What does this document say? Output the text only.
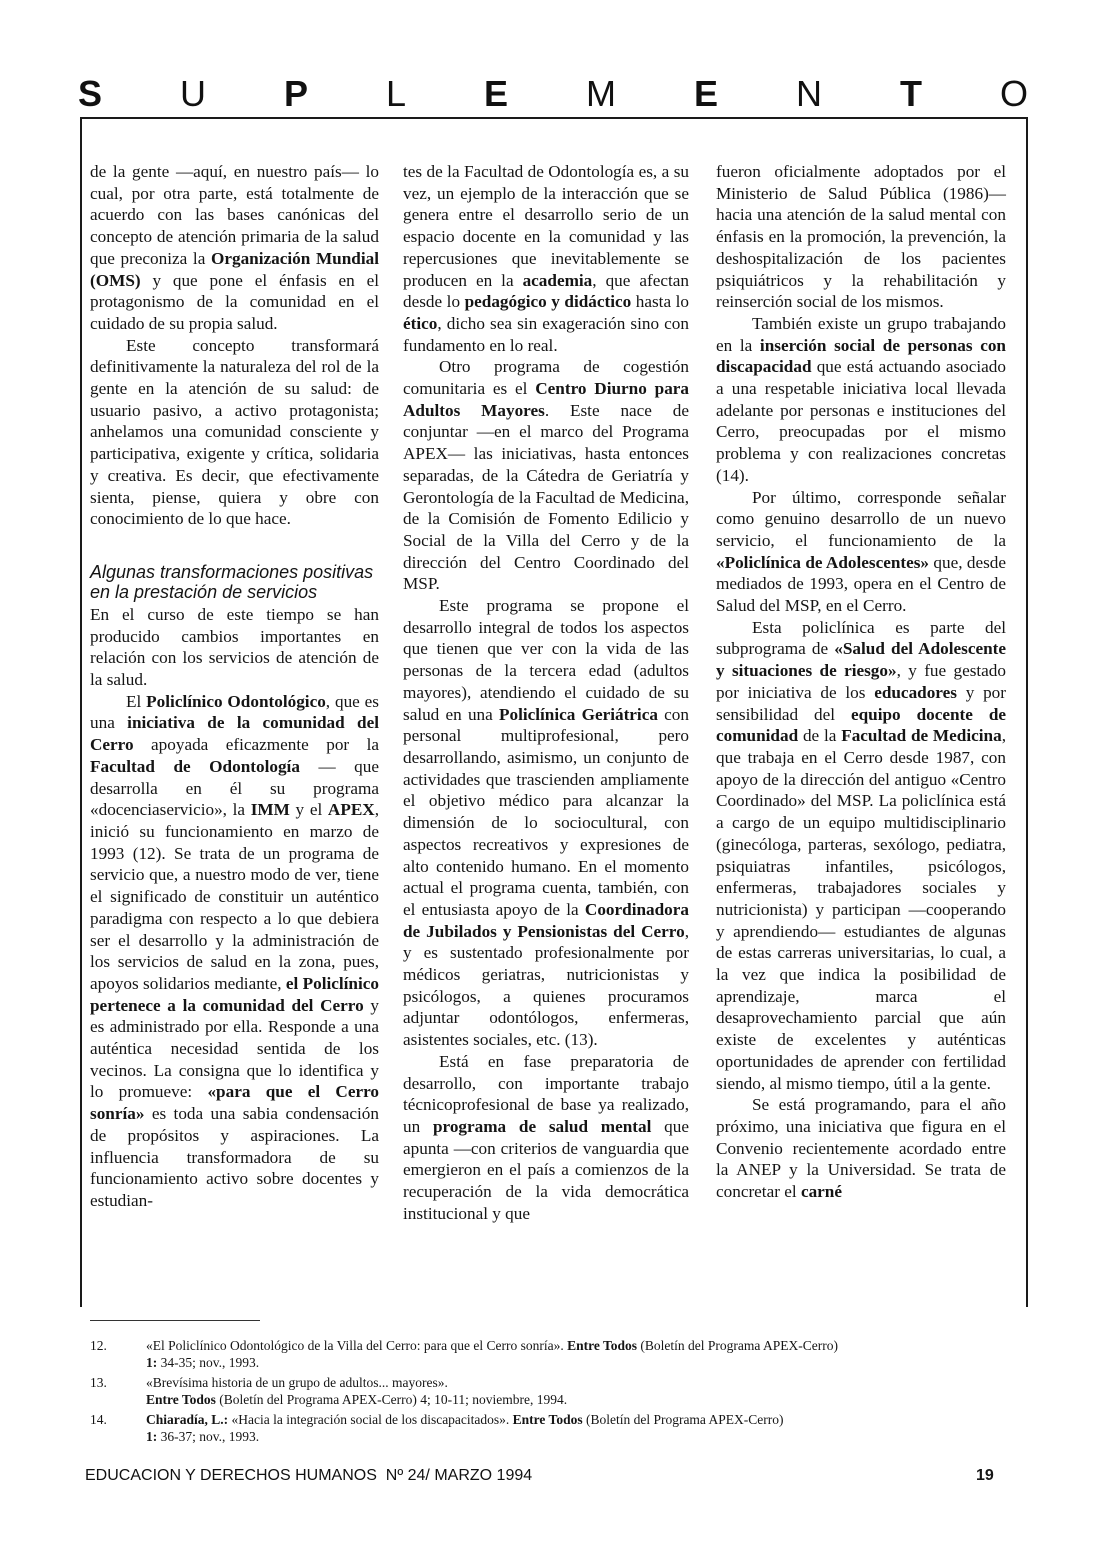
S U P L E M E N T O

de la gente —aquí, en nuestro país— lo cual, por otra parte, está totalmente de acuerdo con las bases canónicas del concepto de atención primaria de la salud que preconiza la Organización Mundial (OMS) y que pone el énfasis en el protagonismo de la comunidad en el cuidado de su propia salud.

Este concepto transformará definitivamente la naturaleza del rol de la gente en la atención de su salud: de usuario pasivo, a activo protagonista; anhelamos una comunidad consciente y participativa, exigente y crítica, solidaria y creativa. Es decir, que efectivamente sienta, piense, quiera y obre con conocimiento de lo que hace.

Algunas transformaciones positivas en la prestación de servicios

En el curso de este tiempo se han producido cambios importantes en relación con los servicios de atención de la salud.

El Policlínico Odontológico, que es una iniciativa de la comunidad del Cerro apoyada eficazmente por la Facultad de Odontología — que desarrolla en él su programa «docenciaservicio», la IMM y el APEX, inició su funcionamiento en marzo de 1993 (12). Se trata de un programa de servicio que, a nuestro modo de ver, tiene el significado de constituir un auténtico paradigma con respecto a lo que debiera ser el desarrollo y la administración de los servicios de salud en la zona, pues, apoyos solidarios mediante, el Policlínico pertenece a la comunidad del Cerro y es administrado por ella. Responde a una auténtica necesidad sentida de los vecinos. La consigna que lo identifica y lo promueve: «para que el Cerro sonría» es toda una sabia condensación de propósitos y aspiraciones. La influencia transformadora de su funcionamiento activo sobre docentes y estudian-

tes de la Facultad de Odontología es, a su vez, un ejemplo de la interacción que se genera entre el desarrollo serio de un espacio docente en la comunidad y las repercusiones que inevitablemente se producen en la academia, que afectan desde lo pedagógico y didáctico hasta lo ético, dicho sea sin exageración sino con fundamento en lo real.

Otro programa de cogestión comunitaria es el Centro Diurno para Adultos Mayores. Este nace de conjuntar —en el marco del Programa APEX— las iniciativas, hasta entonces separadas, de la Cátedra de Geriatría y Gerontología de la Facultad de Medicina, de la Comisión de Fomento Edilicio y Social de la Villa del Cerro y de la dirección del Centro Coordinado del MSP.

Este programa se propone el desarrollo integral de todos los aspectos que tienen que ver con la vida de las personas de la tercera edad (adultos mayores), atendiendo el cuidado de su salud en una Policlínica Geriátrica con personal multiprofesional, pero desarrollando, asimismo, un conjunto de actividades que trascienden ampliamente el objetivo médico para alcanzar la dimensión de lo sociocultural, con aspectos recreativos y expresiones de alto contenido humano. En el momento actual el programa cuenta, también, con el entusiasta apoyo de la Coordinadora de Jubilados y Pensionistas del Cerro, y es sustentado profesionalmente por médicos geriatras, nutricionistas y psicólogos, a quienes procuramos adjuntar odontólogos, enfermeras, asistentes sociales, etc. (13).

Está en fase preparatoria de desarrollo, con importante trabajo técnicoprofesional de base ya realizado, un programa de salud mental que apunta —con criterios de vanguardia que emergieron en el país a comienzos de la recuperación de la vida democrática institucional y que

fueron oficialmente adoptados por el Ministerio de Salud Pública (1986)— hacia una atención de la salud mental con énfasis en la promoción, la prevención, la deshospitalización de los pacientes psiquiátricos y la rehabilitación y reinserción social de los mismos.

También existe un grupo trabajando en la inserción social de personas con discapacidad que está actuando asociado a una respetable iniciativa local llevada adelante por personas e instituciones del Cerro, preocupadas por el mismo problema y con realizaciones concretas (14).

Por último, corresponde señalar como genuino desarrollo de un nuevo servicio, el funcionamiento de la «Policlínica de Adolescentes» que, desde mediados de 1993, opera en el Centro de Salud del MSP, en el Cerro.

Esta policlínica es parte del subprograma de «Salud del Adolescente y situaciones de riesgo», y fue gestado por iniciativa de los educadores y por sensibilidad del equipo docente de comunidad de la Facultad de Medicina, que trabaja en el Cerro desde 1987, con apoyo de la dirección del antiguo «Centro Coordinado» del MSP. La policlínica está a cargo de un equipo multidisciplinario (ginecóloga, parteras, sexólogo, pediatra, psiquiatras infantiles, psicólogos, enfermeras, trabajadores sociales y nutricionista) y participan —cooperando y aprendiendo— estudiantes de algunas de estas carreras universitarias, lo cual, a la vez que indica la posibilidad de aprendizaje, marca el desaprovechamiento parcial que aún existe de excelentes y auténticas oportunidades de aprender con fertilidad siendo, al mismo tiempo, útil a la gente.

Se está programando, para el año próximo, una iniciativa que figura en el Convenio recientemente acordado entre la ANEP y la Universidad. Se trata de concretar el carné

12.	«El Policlínico Odontológico de la Villa del Cerro: para que el Cerro sonría». Entre Todos (Boletín del Programa APEX-Cerro)
1: 34-35; nov., 1993.
13.	«Brevísima historia de un grupo de adultos... mayores».
Entre Todos (Boletín del Programa APEX-Cerro) 4; 10-11; noviembre, 1994.
14.	Chiaradía, L.: «Hacia la integración social de los discapacitados». Entre Todos (Boletín del Programa APEX-Cerro)
1: 36-37; nov., 1993.
EDUCACION Y DERECHOS HUMANOS  Nº 24/ MARZO 1994	19
